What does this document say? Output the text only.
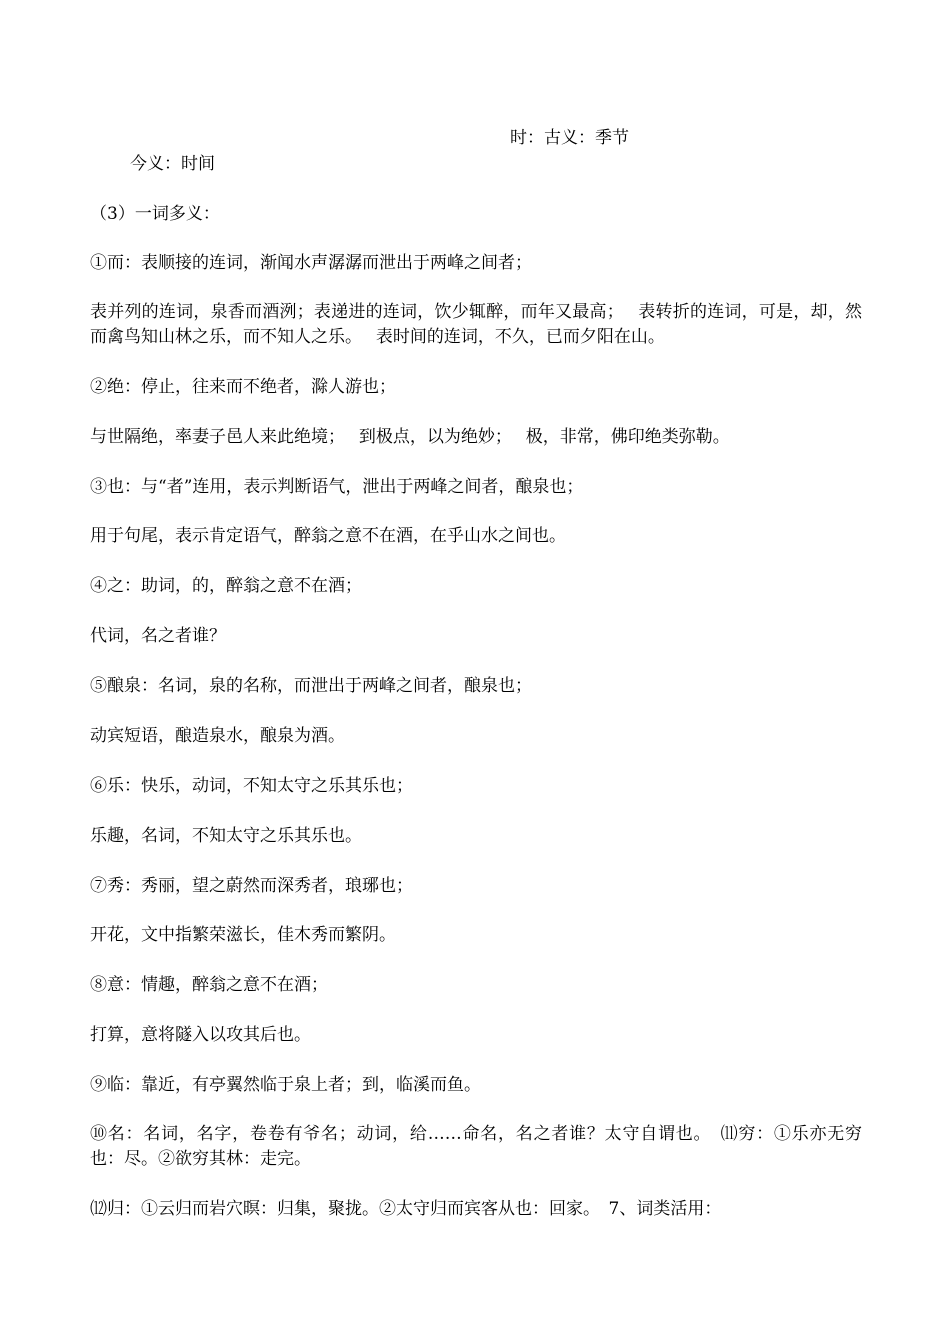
时：古义：季节
今义：时间
（3）一词多义：
①而：表顺接的连词，渐闻水声潺潺而泄出于两峰之间者；
表并列的连词，泉香而酒洌；表递进的连词，饮少辄醉，而年又最高；　 表转折的连词，可是，却，然而禽鸟知山林之乐，而不知人之乐。　 表时间的连词，不久，已而夕阳在山。
②绝：停止，往来而不绝者，滁人游也；
与世隔绝，率妻子邑人来此绝境；　 到极点，以为绝妙；　 极，非常，佛印绝类弥勒。
③也：与“者”连用，表示判断语气，泄出于两峰之间者，酿泉也；
用于句尾，表示肯定语气，醉翁之意不在酒，在乎山水之间也。
④之：助词，的，醉翁之意不在酒；
代词，名之者谁？
⑤酿泉：名词，泉的名称，而泄出于两峰之间者，酿泉也；
动宾短语，酿造泉水，酿泉为酒。
⑥乐：快乐，动词，不知太守之乐其乐也；
乐趣，名词，不知太守之乐其乐也。
⑦秀：秀丽，望之蔚然而深秀者，琅琊也；
开花，文中指繁荣滋长，佳木秀而繁阴。
⑧意：情趣，醉翁之意不在酒；
打算，意将隧入以攻其后也。
⑨临：靠近，有亭翼然临于泉上者；到，临溪而鱼。
⑩名：名词，名字，卷卷有爷名；动词，给……命名，名之者谁？太守自谓也。　⑾穷：①乐亦无穷也：尽。②欲穷其林：走完。
⑿归：①云归而岩穴暝：归集，聚拢。②太守归而宾客从也：回家。　7、词类活用：
